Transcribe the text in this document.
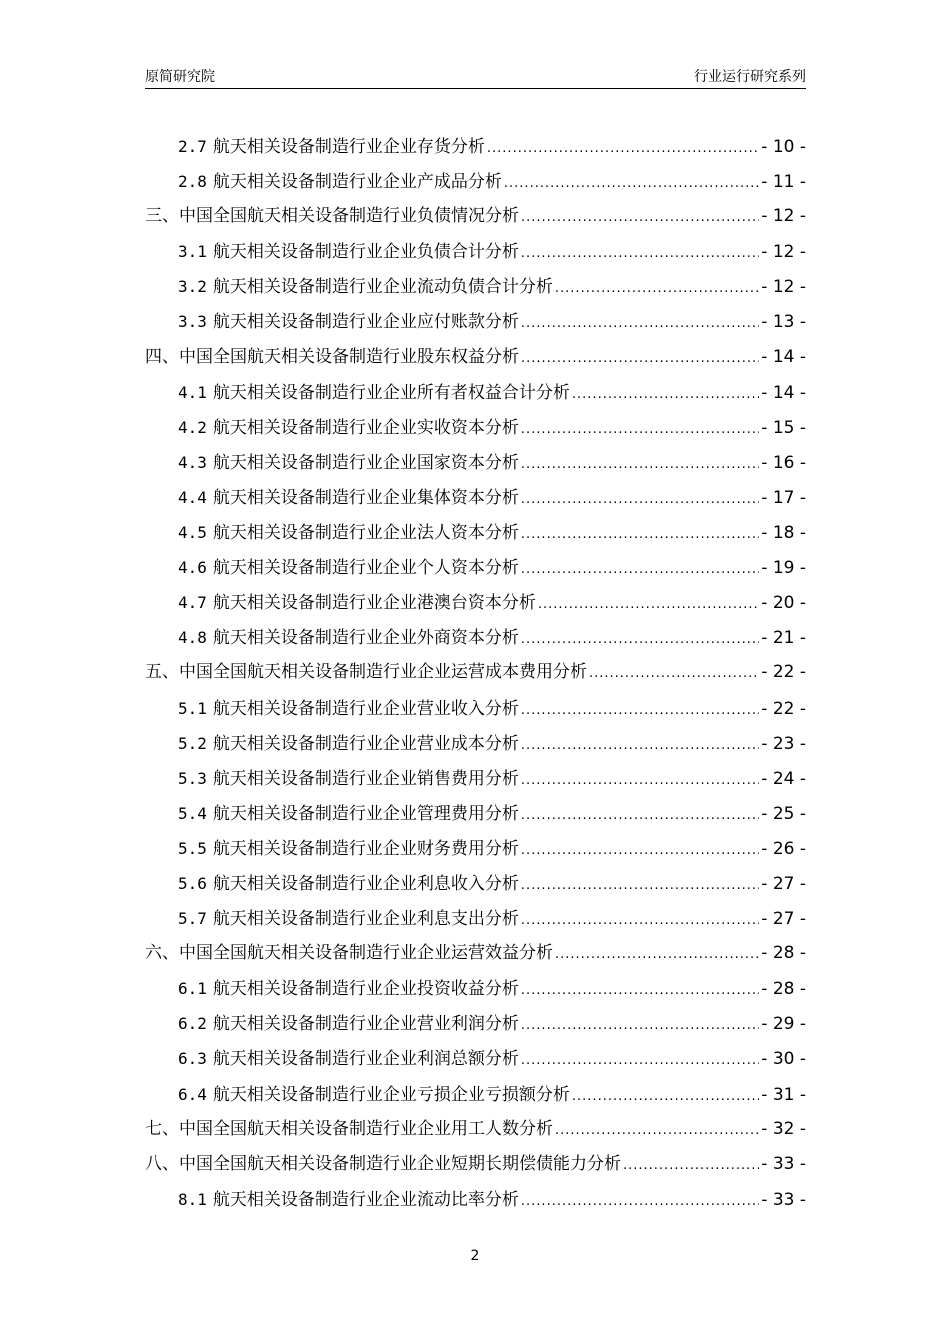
原简研究院	行业运行研究系列
2.7 航天相关设备制造行业企业存货分析 .....	- 10 -
2.8 航天相关设备制造行业企业产成品分析 .....	- 11 -
三、中国全国航天相关设备制造行业负债情况分析 .....	- 12 -
3.1 航天相关设备制造行业企业负债合计分析 .....	- 12 -
3.2 航天相关设备制造行业企业流动负债合计分析 .....	- 12 -
3.3 航天相关设备制造行业企业应付账款分析 .....	- 13 -
四、中国全国航天相关设备制造行业股东权益分析 .....	- 14 -
4.1 航天相关设备制造行业企业所有者权益合计分析 .....	- 14 -
4.2 航天相关设备制造行业企业实收资本分析 .....	- 15 -
4.3 航天相关设备制造行业企业国家资本分析 .....	- 16 -
4.4 航天相关设备制造行业企业集体资本分析 .....	- 17 -
4.5 航天相关设备制造行业企业法人资本分析 .....	- 18 -
4.6 航天相关设备制造行业企业个人资本分析 .....	- 19 -
4.7 航天相关设备制造行业企业港澳台资本分析 .....	- 20 -
4.8 航天相关设备制造行业企业外商资本分析 .....	- 21 -
五、中国全国航天相关设备制造行业企业运营成本费用分析 .....	- 22 -
5.1 航天相关设备制造行业企业营业收入分析 .....	- 22 -
5.2 航天相关设备制造行业企业营业成本分析 .....	- 23 -
5.3 航天相关设备制造行业企业销售费用分析 .....	- 24 -
5.4 航天相关设备制造行业企业管理费用分析 .....	- 25 -
5.5 航天相关设备制造行业企业财务费用分析 .....	- 26 -
5.6 航天相关设备制造行业企业利息收入分析 .....	- 27 -
5.7 航天相关设备制造行业企业利息支出分析 .....	- 27 -
六、中国全国航天相关设备制造行业企业运营效益分析 .....	- 28 -
6.1 航天相关设备制造行业企业投资收益分析 .....	- 28 -
6.2 航天相关设备制造行业企业营业利润分析 .....	- 29 -
6.3 航天相关设备制造行业企业利润总额分析 .....	- 30 -
6.4 航天相关设备制造行业企业亏损企业亏损额分析 .....	- 31 -
七、中国全国航天相关设备制造行业企业用工人数分析 .....	- 32 -
八、中国全国航天相关设备制造行业企业短期长期偿债能力分析 .....	- 33 -
8.1 航天相关设备制造行业企业流动比率分析 .....	- 33 -
2
